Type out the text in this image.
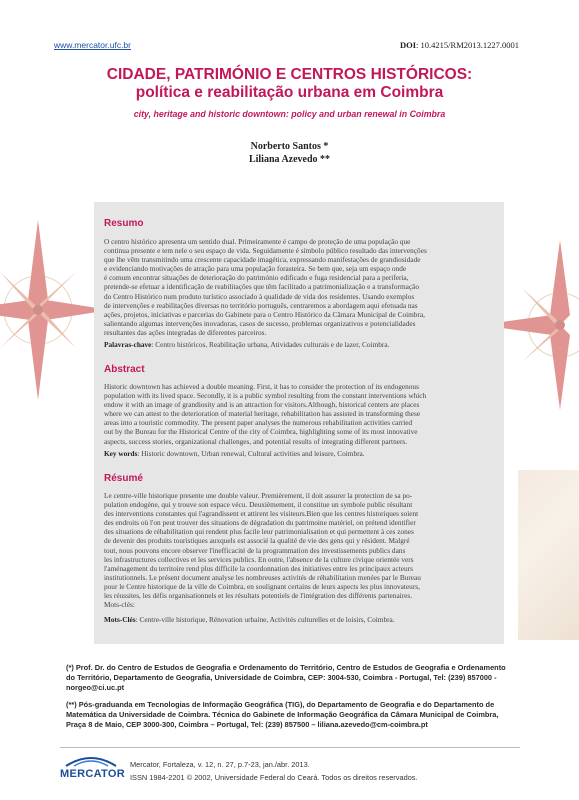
www.mercator.ufc.br	DOI: 10.4215/RM2013.1227.0001
CIDADE, PATRIMÓNIO E CENTROS HISTÓRICOS:
política e reabilitação urbana em Coimbra
city, heritage and historic downtown: policy and urban renewal in Coimbra
Norberto Santos *
Liliana Azevedo **
Resumo
O centro histórico apresenta um sentido dual. Primeiramente é campo de proteção de uma população que
continua presente e tem nele o seu espaço de vida. Seguidamente é símbolo público resultado das intervenções
que lhe vêm transmitindo uma crescente capacidade imagética, expressando manifestações de grandiosidade
e evidenciando motivações de atração para uma população forasteira. Se bem que, seja um espaço onde
é comum encontrar situações de deterioração do património edificado e fuga residencial para a periferia,
pretende-se efetuar a identificação de reabilitações que têm facilitado a patrimonialização e a transformação
do Centro Histórico num produto turístico associado à qualidade de vida dos residentes. Usando exemplos
de intervenções e reabilitações diversas no território português, centraremos a abordagem aqui efetuada nas
ações, projetos, iniciativas e parcerias do Gabinete para o Centro Histórico da Câmara Municipal de Coimbra,
salientando algumas intervenções inovadoras, casos de sucesso, problemas organizativos e potencialidades
resultantes das ações integradas de diferentes parceiros.
Palavras-chave: Centro históricos, Reabilitação urbana, Atividades culturais e de lazer, Coimbra.
Abstract
Historic downtown has achieved a double meaning. First, it has to consider the protection of its endogenous
population with its lived space. Secondly, it is a public symbol resulting from the constant interventions which
endow it with an image of grandiosity and is an attraction for visitors.Although, historical centers are places
where we can attest to the deterioration of material heritage, rehabilitation has assisted in transforming these
areas into a touristic commodity. The present paper analyses the numerous rehabilitation activities carried
out by the Bureau for the Historical Centre of the city of Coimbra, highlighting some of its most innovative
aspects, success stories, organizational challenges, and potential results of integrating different partners.
Key words: Historic downtown, Urban renewal, Cultural activities and leisure, Coimbra.
Résumé
Le centre-ville historique presente une double valeur. Premièrement, il doit assurer la protection de sa po-
pulation endogène, qui y trouve son espace vécu. Deuxièmement, il constitue un symbole public résultant
des interventions constantes qui l'agrandissent et attirent les visiteurs.Bien que les centres historiques soient
des endroits où l'on peut trouver des situations de dégradation du patrimoine matériel, on prétend identifier
des situations de réhabilitation qui rendent plus facile leur patrimonialisation et qui permettent à ces zones
de devenir des produits touristiques auxquels est associé la qualité de vie des gens qui y résident. Malgré
tout, nous pouvons encore observer l'inefficacité de la programmation des investissements publics dans
les infrastructures collectives et les services publics. En outre, l'absence de la culture civique orientée vers
l'aménagement du territoire rend plus difficile la coordonnation des initiatives entre les principaux acteurs
institutionnels. Le présent document analyse les nombreuses activités de réhabilitation menées par le Bureau
pour le Centre historique de la ville de Coimbra, en soulignant certains de leurs aspects les plus innovateurs,
les réussites, les défis organisationnels et les résultats potentiels de l'intégration des différents partenaires.
Mots-clés:
Mots-Clés: Centre-ville historique, Rénovation urbaine, Activités culturelles et de loisirs, Coimbra.
(*) Prof. Dr. do Centro de Estudos de Geografia e Ordenamento do Território, Centro de Estudos de Geografia e Ordenamento
do Território, Departamento de Geografia, Universidade de Coimbra, CEP: 3004-530, Coimbra - Portugal, Tel: (239) 857000 -
norgeo@ci.uc.pt
(**) Pós-graduanda em Tecnologias de Informação Geográfica (TIG), do Departamento de Geografia e do Departamento de
Matemática da Universidade de Coimbra. Técnica do Gabinete de Informação Geográfica da Câmara Municipal de Coimbra,
Praça 8 de Maio, CEP 3000-300, Coimbra – Portugal, Tel: (239) 857500 – liliana.azevedo@cm-coimbra.pt
MERCATOR
Mercator, Fortaleza, v. 12, n. 27, p.7-23, jan./abr. 2013.
ISSN 1984-2201 © 2002, Universidade Federal do Ceará. Todos os direitos reservados.
